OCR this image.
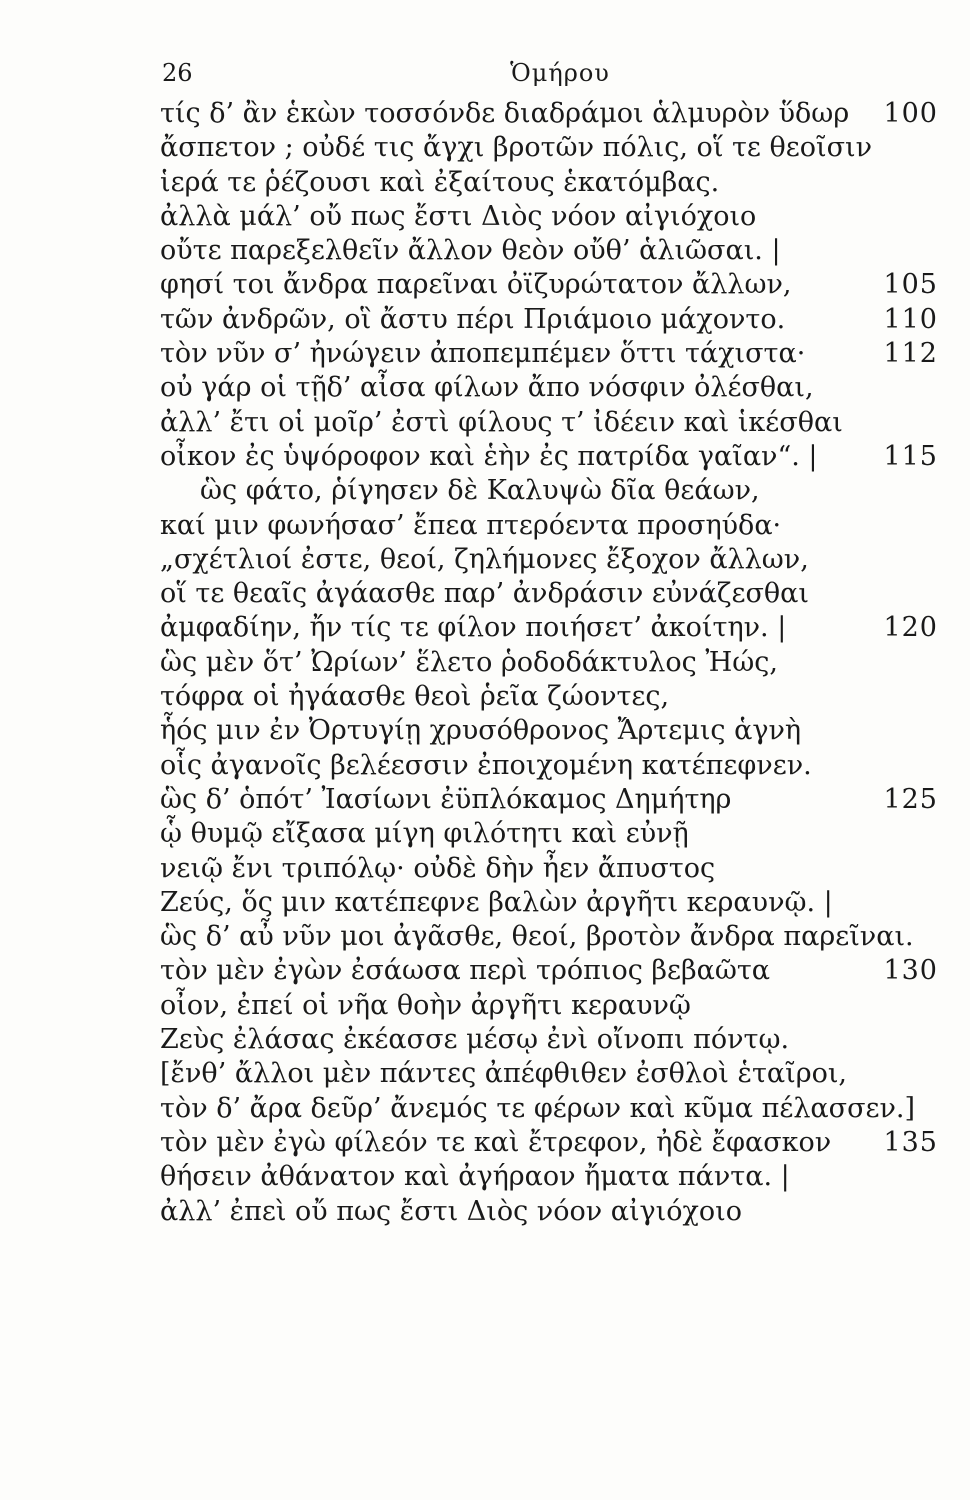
26	Ὁμήρου
τίς δ’ ἂν ἑκὼν τοσσόνδε διαδράμοι ἁλμυρὸν ὕδωρ 100
ἄσπετον ; οὐδέ τις ἄγχι βροτῶν πόλις, οἵ τε θεοῖσιν
ἱερά τε ῥέζουσι καὶ ἐξαίτους ἑκατόμβας.
ἀλλὰ μάλ’ οὔ πως ἔστι Διὸς νόον αἰγιόχοιο
οὔτε παρεξελθεῖν ἄλλον θεὸν οὔθ’ ἁλιῶσαι. |
φησί τοι ἄνδρα παρεῖναι ὀϊζυρώτατον ἄλλων,	105
τῶν ἀνδρῶν, οἳ ἄστυ πέρι Πριάμοιο μάχοντο.	110
τὸν νῦν σ’ ἠνώγειν ἀποπεμπέμεν ὅττι τάχιστα·	112
οὐ γάρ οἱ τῇδ’ αἶσα φίλων ἄπο νόσφιν ὀλέσθαι,
ἀλλ’ ἔτι οἱ μοῖρ’ ἐστὶ φίλους τ’ ἰδέειν καὶ ἱκέσθαι
οἶκον ἐς ὑψόροφον καὶ ἑὴν ἐς πατρίδα γαῖαν“. | 115
ὣς φάτο, ῥίγησεν δὲ Καλυψὼ δῖα θεάων,
καί μιν φωνήσασ’ ἔπεα πτερόεντα προσηύδα·
„σχέτλιοί ἐστε, θεοί, ζηλήμονες ἔξοχον ἄλλων,
οἵ τε θεαῖς ἀγάασθε παρ’ ἀνδράσιν εὐνάζεσθαι
ἀμφαδίην, ἤν τίς τε φίλον ποιήσετ’ ἀκοίτην. |	120
ὣς μὲν ὅτ’ Ὠρίων’ ἕλετο ῥοδοδάκτυλος Ἠώς,
τόφρα οἱ ἠγάασθε θεοὶ ῥεῖα ζώοντες,
ἧός μιν ἐν Ὀρτυγίῃ χρυσόθρονος Ἄρτεμις ἁγνὴ
οἷς ἀγανοῖς βελέεσσιν ἐποιχομένη κατέπεφνεν.
ὣς δ’ ὁπότ’ Ἰασίωνι ἐϋπλόκαμος Δημήτηρ	125
ᾧ θυμῷ εἴξασα μίγη φιλότητι καὶ εὐνῇ
νειῷ ἔνι τριπόλῳ· οὐδὲ δὴν ἦεν ἄπυστος
Ζεύς, ὅς μιν κατέπεφνε βαλὼν ἀργῆτι κεραυνῷ. |
ὣς δ’ αὖ νῦν μοι ἀγᾶσθε, θεοί, βροτὸν ἄνδρα παρεῖναι.
τὸν μὲν ἐγὼν ἐσάωσα περὶ τρόπιος βεβαῶτα	130
οἶον, ἐπεί οἱ νῆα θοὴν ἀργῆτι κεραυνῷ
Ζεὺς ἐλάσας ἐκέασσε μέσῳ ἐνὶ οἴνοπι πόντῳ.
[ἔνθ’ ἄλλοι μὲν πάντες ἀπέφθιθεν ἐσθλοὶ ἑταῖροι,
τὸν δ’ ἄρα δεῦρ’ ἄνεμός τε φέρων καὶ κῦμα πέλασσεν.]
τὸν μὲν ἐγὼ φίλεόν τε καὶ ἔτρεφον, ἠδὲ ἔφασκον 135
θήσειν ἀθάνατον καὶ ἀγήραον ἤματα πάντα. |
ἀλλ’ ἐπεὶ οὔ πως ἔστι Διὸς νόον αἰγιόχοιο
